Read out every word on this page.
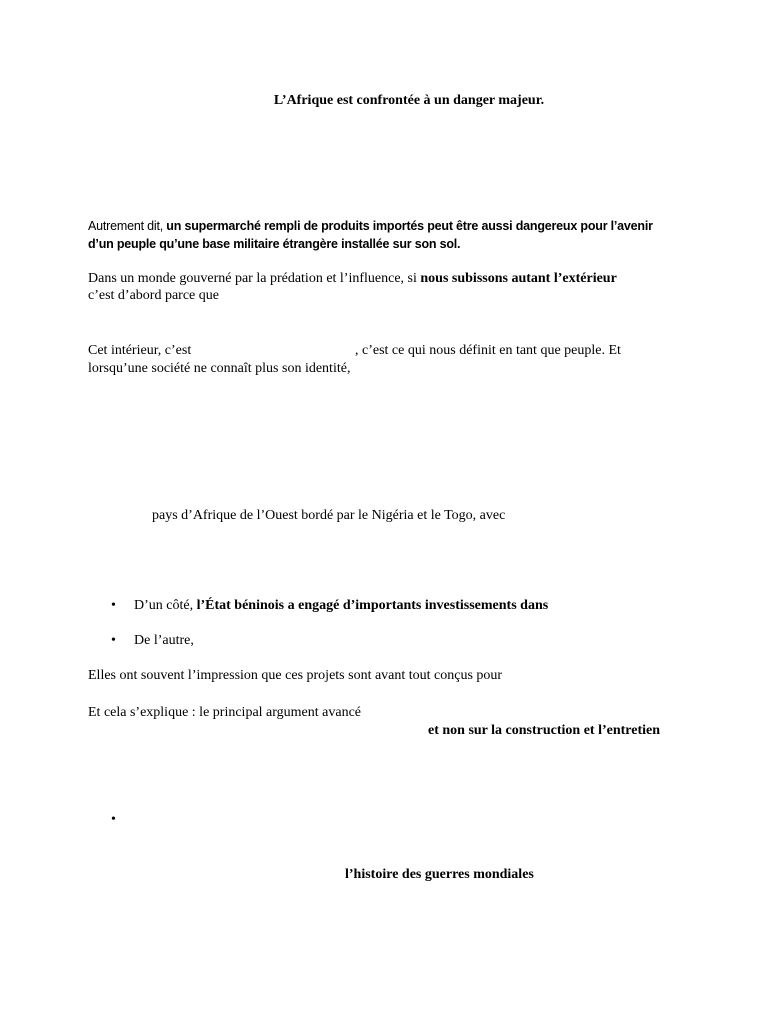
L’Afrique est confrontée à un danger majeur.
Autrement dit, un supermarché rempli de produits importés peut être aussi dangereux pour l’avenir
d’un peuple qu’une base militaire étrangère installée sur son sol.
Dans un monde gouverné par la prédation et l’influence, si nous subissons autant l’extérieur
c’est d’abord parce que
Cet intérieur, c’est	, c’est ce qui nous définit en tant que peuple. Et
lorsqu’une société ne connaît plus son identité,
pays d’Afrique de l’Ouest bordé par le Nigéria et le Togo, avec
• D’un côté, l’État béninois a engagé d’importants investissements dans
• De l’autre,
Elles ont souvent l’impression que ces projets sont avant tout conçus pour
Et cela s’explique : le principal argument avancé
et non sur la construction et l’entretien
•
l’histoire des guerres mondiales
